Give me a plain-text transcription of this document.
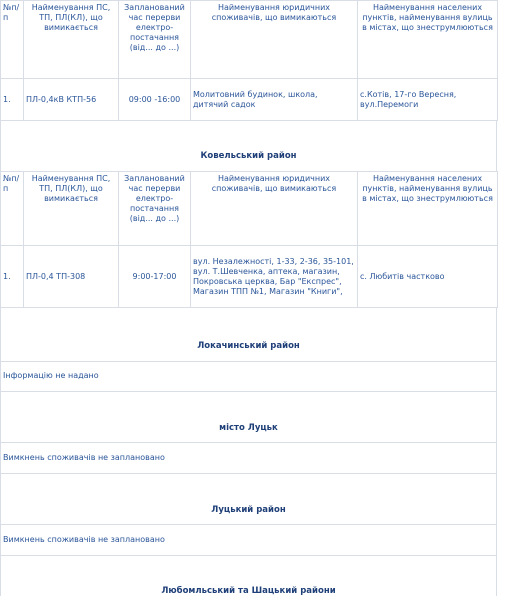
№п/п	Найменування ПС, ТП, ПЛ(КЛ), що вимикається	Запланований час перерви електро-постачання (від... до ...)	Найменування юридичних споживачів, що вимикаються	Найменування населених пунктів, найменування вулиць в містах, що знеструмлюються
1.	ПЛ-0,4кВ КТП-56	09:00 -16:00	Молитовний будинок, школа, дитячий садок	с.Котів, 17-го Вересня, вул.Перемоги
Ковельський район
№п/п	Найменування ПС, ТП, ПЛ(КЛ), що вимикається	Запланований час перерви електро-постачання (від... до ...)	Найменування юридичних споживачів, що вимикаються	Найменування населених пунктів, найменування вулиць в містах, що знеструмлюються
1.	ПЛ-0,4 ТП-308	9:00-17:00	вул. Незалежності, 1-33, 2-36, 35-101, вул. Т.Шевченка, аптека, магазин, Покровська церква, Бар "Експрес", Магазин ТПП №1, Магазин "Книги",	с. Любитів частково
Локачинський район
Інформацію не надано
місто Луцьк
Вимкнень споживачів не заплановано
Луцький район
Вимкнень споживачів не заплановано
Любомльський та Шацький райони
